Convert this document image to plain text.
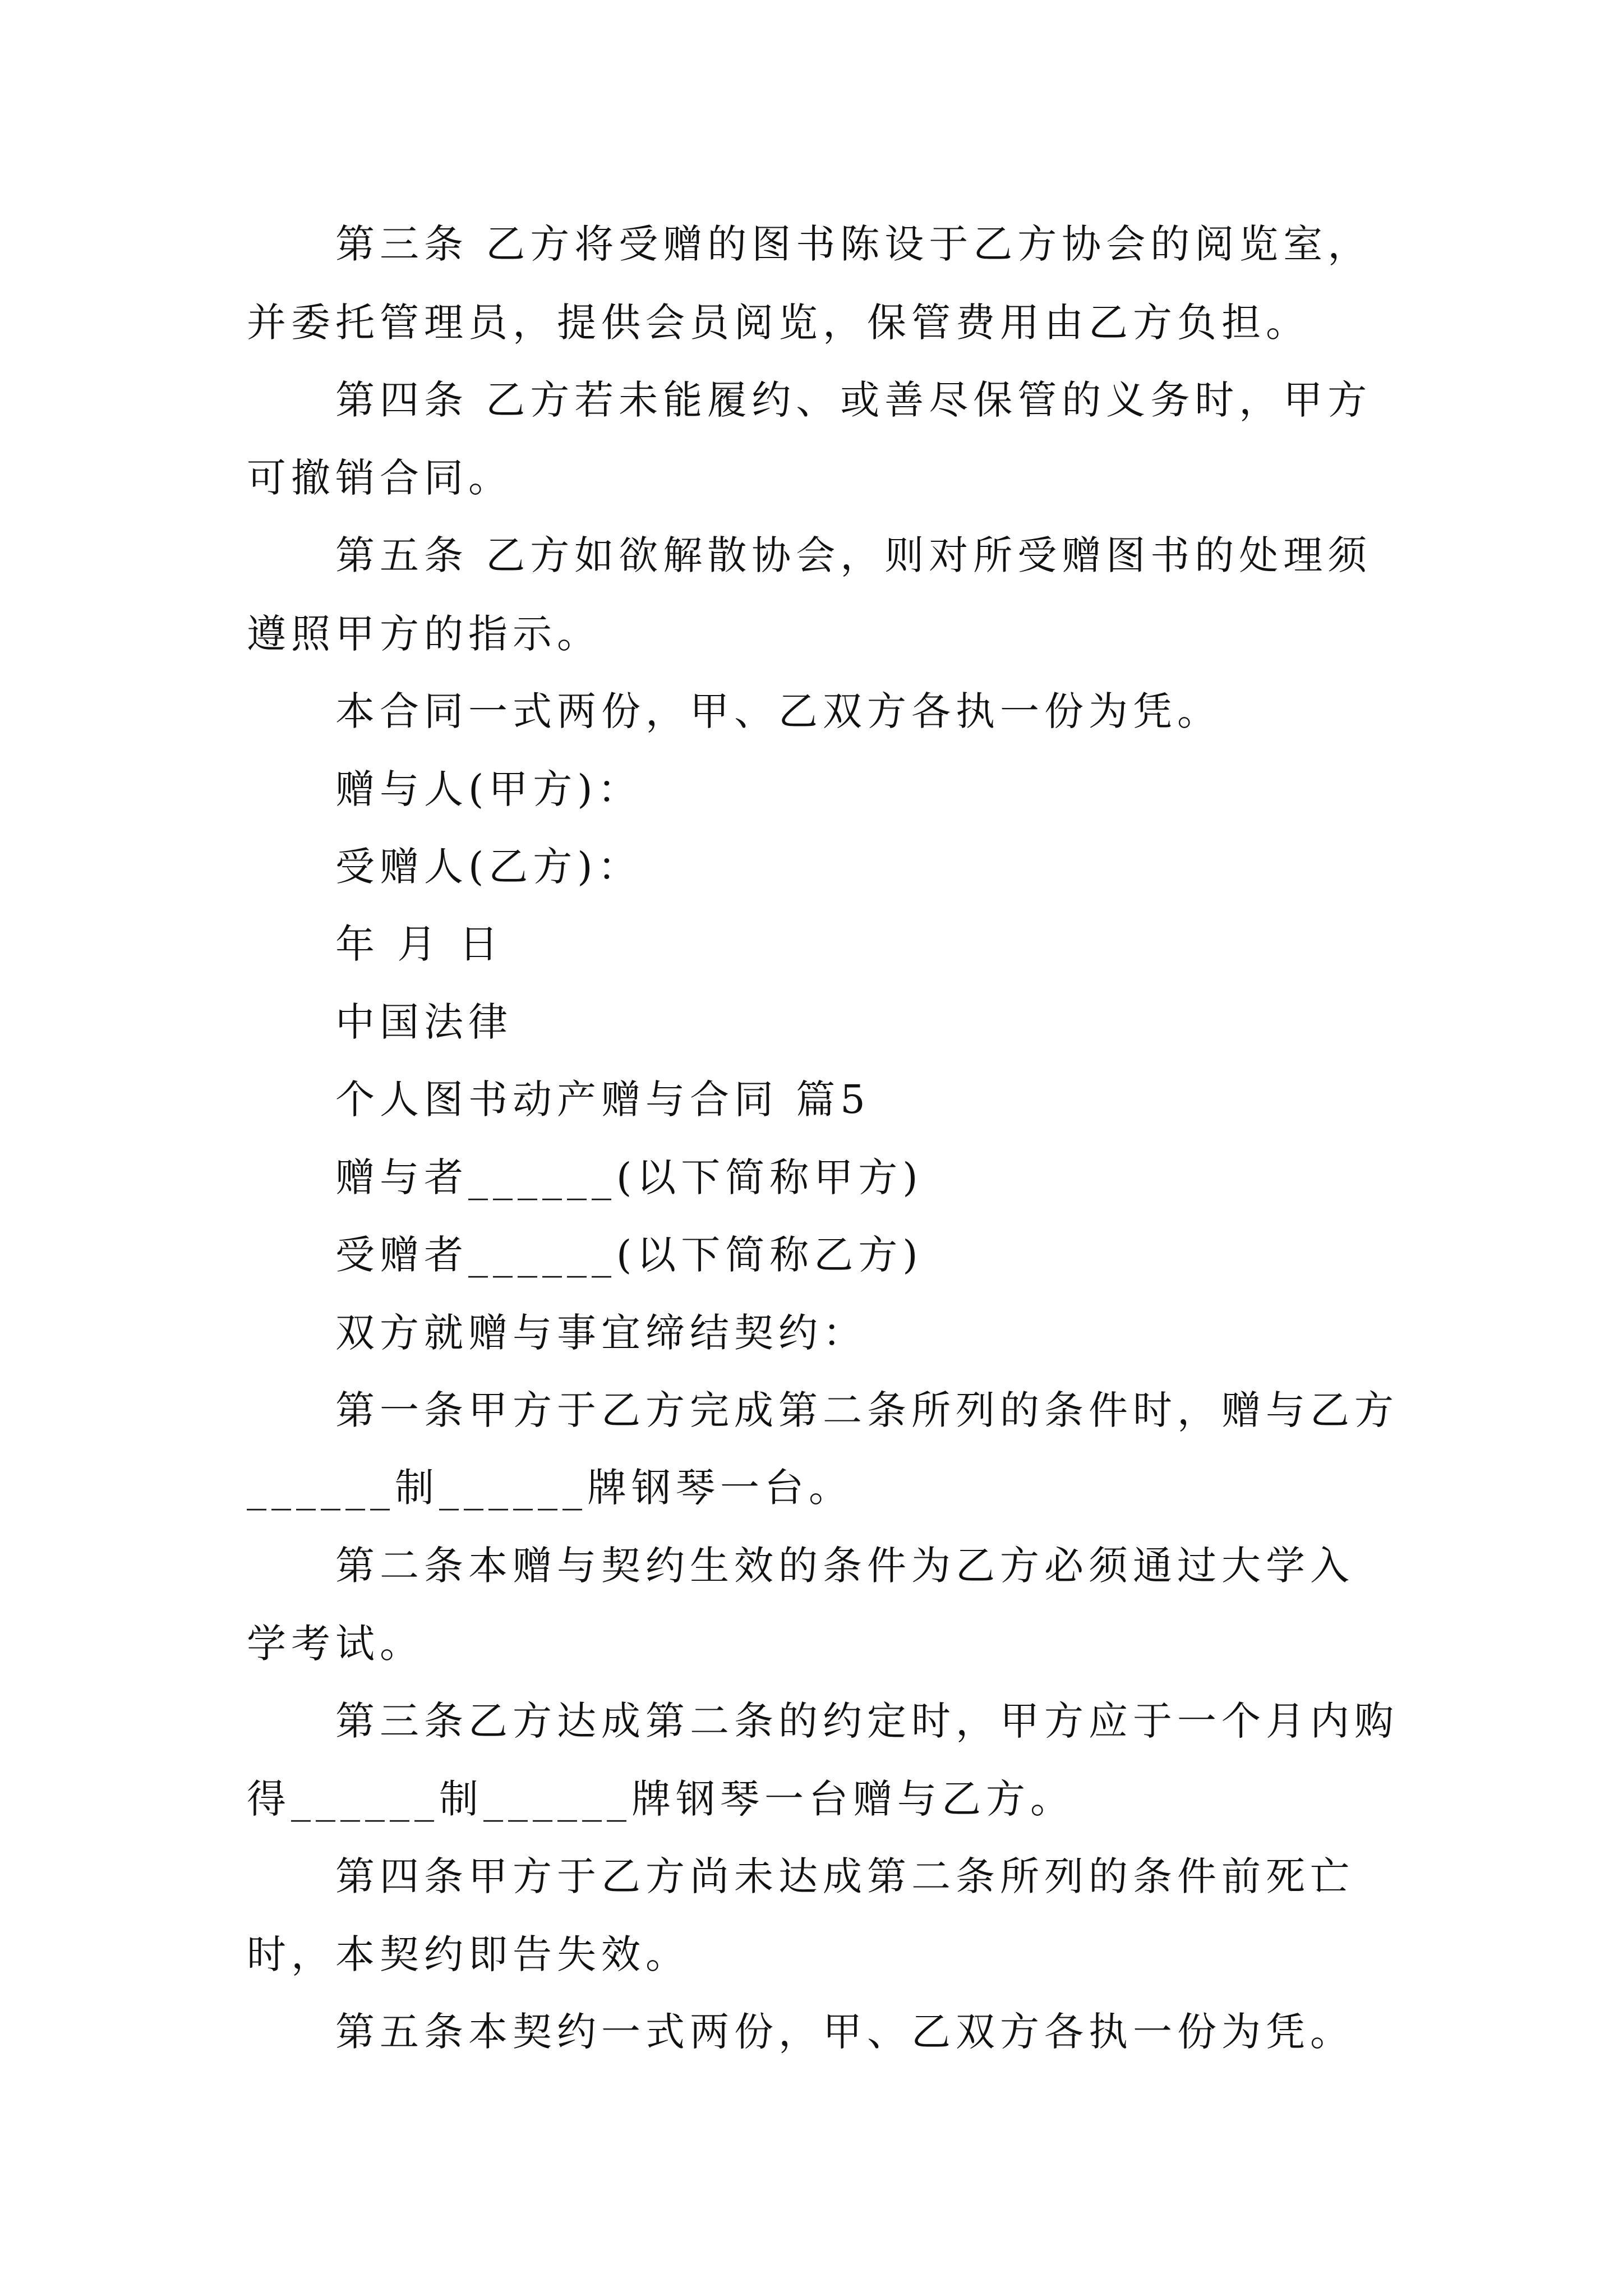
第三条 乙方将受赠的图书陈设于乙方协会的阅览室，
并委托管理员，提供会员阅览，保管费用由乙方负担。
第四条 乙方若未能履约、或善尽保管的义务时，甲方
可撤销合同。
第五条 乙方如欲解散协会，则对所受赠图书的处理须
遵照甲方的指示。
本合同一式两份，甲、乙双方各执一份为凭。
赠与人(甲方)：
受赠人(乙方)：
年 月 日
中国法律
个人图书动产赠与合同 篇5
赠与者______(以下简称甲方)
受赠者______(以下简称乙方)
双方就赠与事宜缔结契约：
第一条甲方于乙方完成第二条所列的条件时，赠与乙方
______制______牌钢琴一台。
第二条本赠与契约生效的条件为乙方必须通过大学入
学考试。
第三条乙方达成第二条的约定时，甲方应于一个月内购
得______制______牌钢琴一台赠与乙方。
第四条甲方于乙方尚未达成第二条所列的条件前死亡
时，本契约即告失效。
第五条本契约一式两份，甲、乙双方各执一份为凭。
